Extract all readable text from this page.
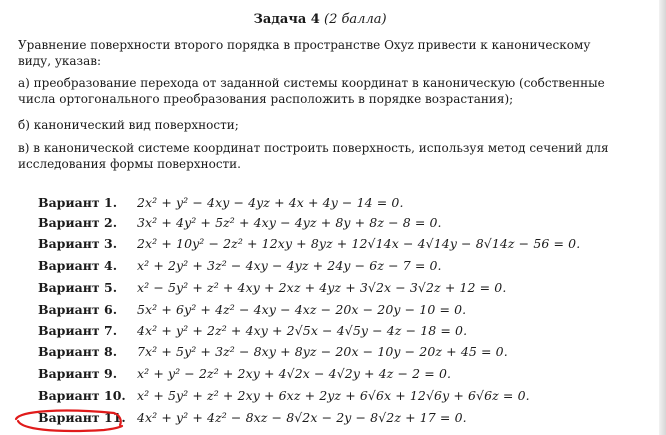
Задача 4 (2 балла)
Уравнение поверхности второго порядка в пространстве Oxyz привести к каноническому
виду, указав:
а) преобразование перехода от заданной системы координат в каноническую (собственные
числа ортогонального преобразования расположить в порядке возрастания);
б) канонический вид поверхности;
в) в канонической системе координат построить поверхность, используя метод сечений для
исследования формы поверхности.
Вариант 1. 2x² + y² − 4xy − 4yz + 4x + 4y − 14 = 0.
Вариант 2. 3x² + 4y² + 5z² + 4xy − 4yz + 8y + 8z − 8 = 0.
Вариант 3. 2x² + 10y² − 2z² + 12xy + 8yz + 12√14x − 4√14y − 8√14z − 56 = 0.
Вариант 4. x² + 2y² + 3z² − 4xy − 4yz + 24y − 6z − 7 = 0.
Вариант 5. x² − 5y² + z² + 4xy + 2xz + 4yz + 3√2x − 3√2z + 12 = 0.
Вариант 6. 5x² + 6y² + 4z² − 4xy − 4xz − 20x − 20y − 10 = 0.
Вариант 7. 4x² + y² + 2z² + 4xy + 2√5x − 4√5y − 4z − 18 = 0.
Вариант 8. 7x² + 5y² + 3z² − 8xy + 8yz − 20x − 10y − 20z + 45 = 0.
Вариант 9. x² + y² − 2z² + 2xy + 4√2x − 4√2y + 4z − 2 = 0.
Вариант 10. x² + 5y² + z² + 2xy + 6xz + 2yz + 6√6x + 12√6y + 6√6z = 0.
Вариант 11. 4x² + y² + 4z² − 8xz − 8√2x − 2y − 8√2z + 17 = 0.
